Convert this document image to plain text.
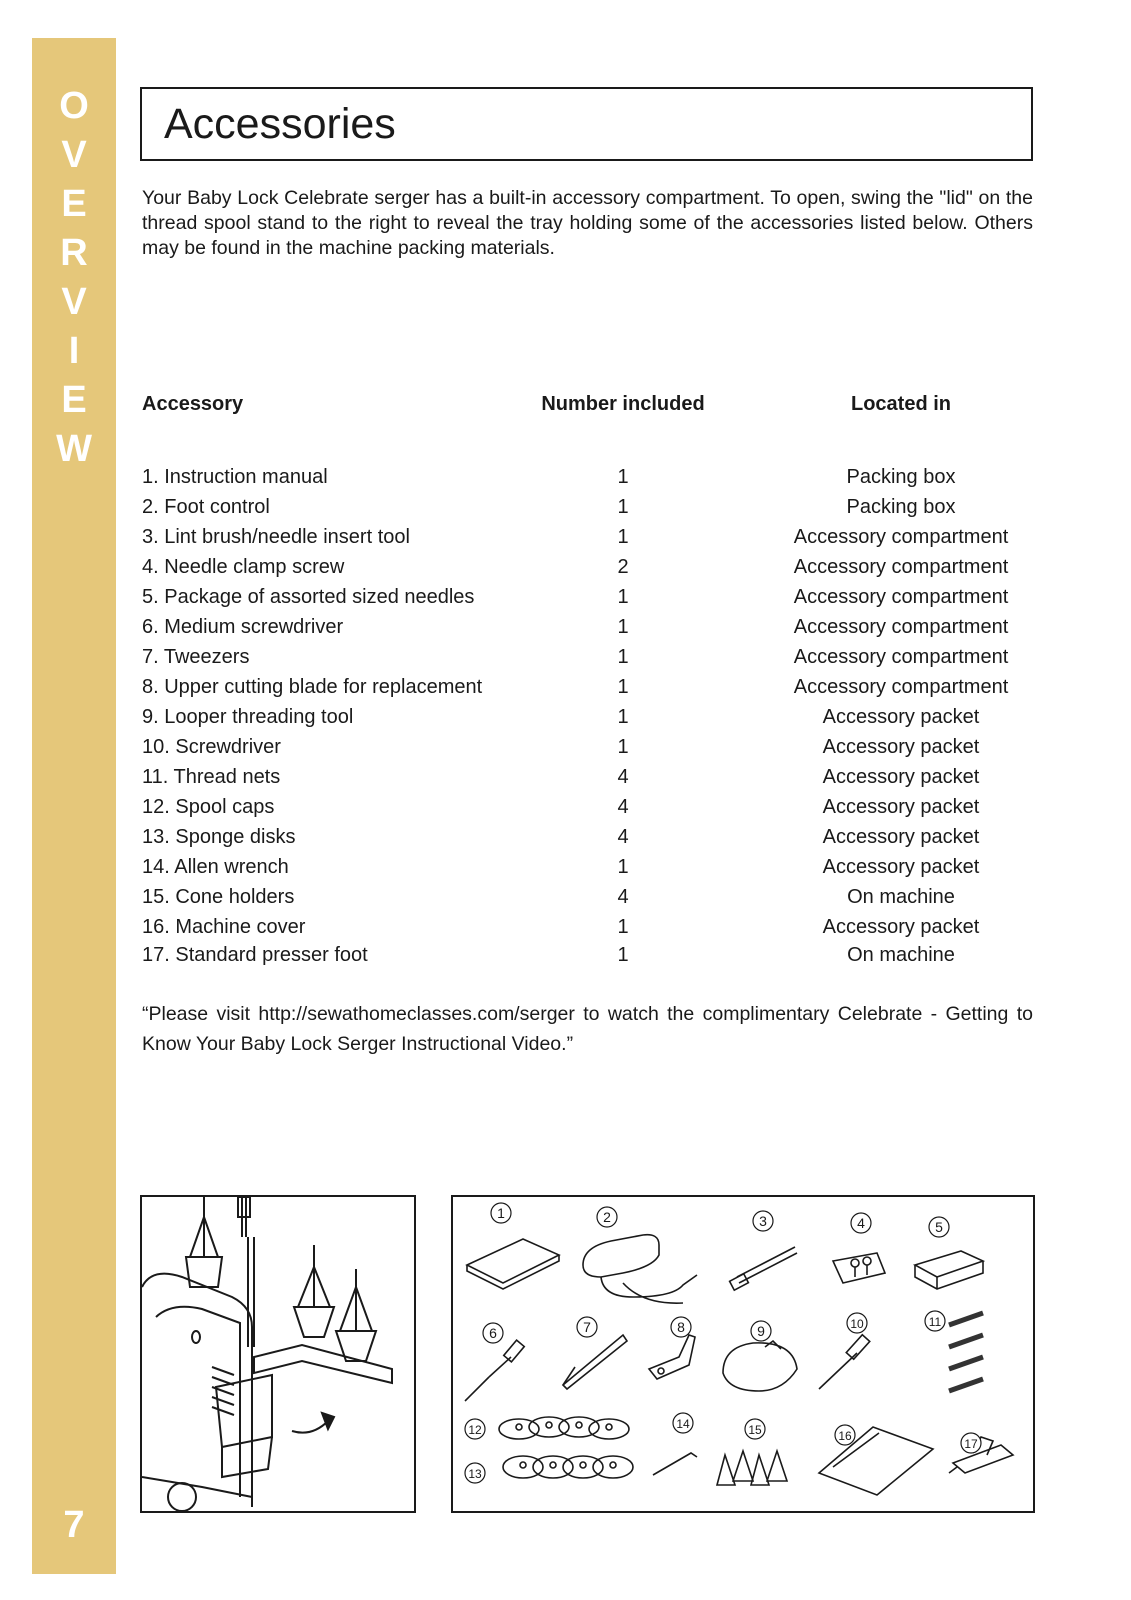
O
V
E
R
V
I
E
W
7
Accessories

Your Baby Lock Celebrate serger has a built-in accessory compartment. To open, swing the "lid" on the thread spool stand to the right to reveal the tray holding some of the accessories listed below. Others may be found in the machine packing materials.

Accessory	Number included	Located in
1. Instruction manual	1	Packing box
2. Foot control	1	Packing box
3. Lint brush/needle insert tool	1	Accessory compartment
4. Needle clamp screw	2	Accessory compartment
5. Package of assorted sized needles	1	Accessory compartment
6. Medium screwdriver	1	Accessory compartment
7. Tweezers	1	Accessory compartment
8. Upper cutting blade for replacement	1	Accessory compartment
9. Looper threading tool	1	Accessory packet
10. Screwdriver	1	Accessory packet
11. Thread nets	4	Accessory packet
12. Spool caps	4	Accessory packet
13. Sponge disks	4	Accessory packet
14. Allen wrench	1	Accessory packet
15. Cone holders	4	On machine
16. Machine cover	1	Accessory packet
17. Standard presser foot	1	On machine

“Please visit http://sewathomeclasses.com/serger to watch the complimentary Celebrate - Getting to Know Your Baby Lock Serger Instructional Video.”

1	2	3	4	5
6	7	8	9	10	11
12
13
14	15	16
17
